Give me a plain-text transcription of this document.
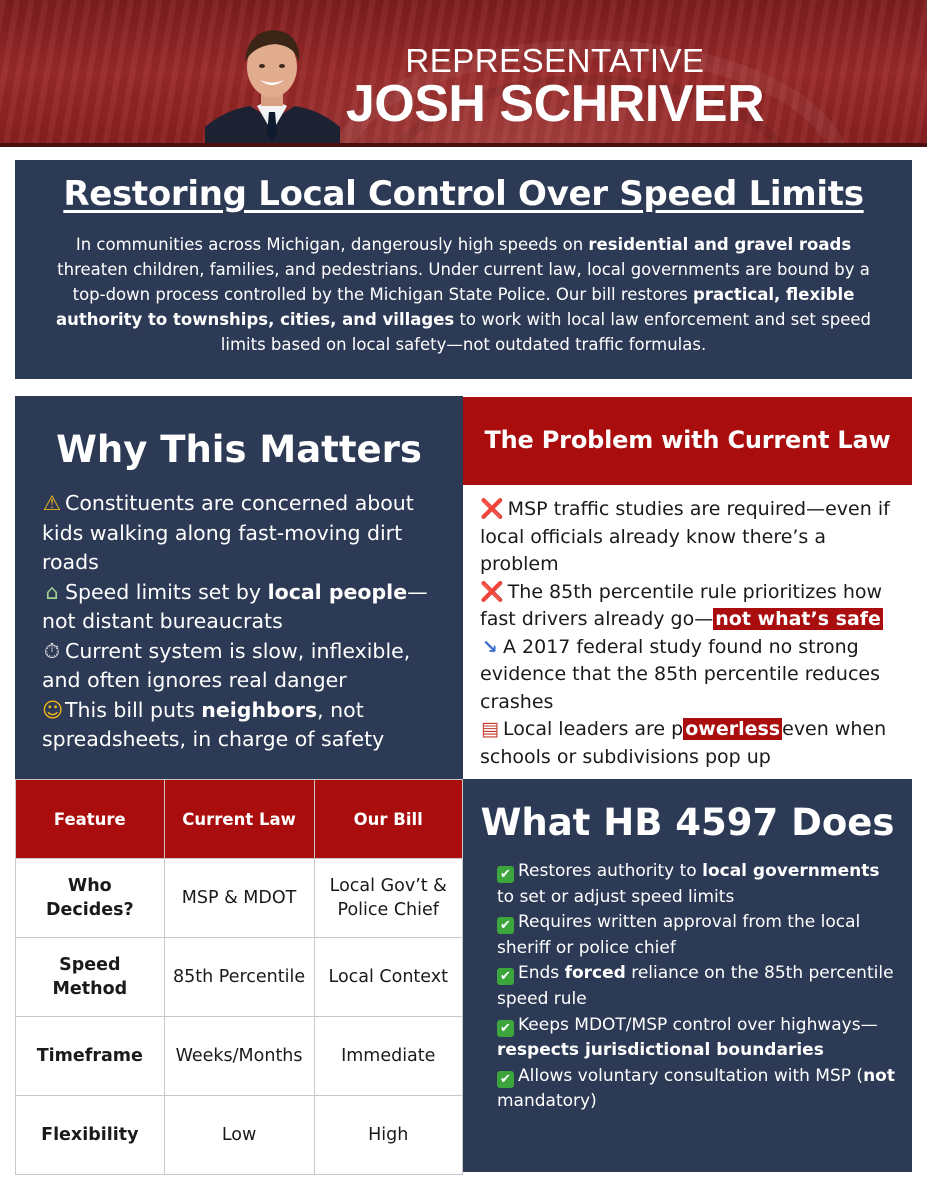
REPRESENTATIVE
JOSH SCHRIVER
Restoring Local Control Over Speed Limits
In communities across Michigan, dangerously high speeds on residential and gravel roads threaten children, families, and pedestrians. Under current law, local governments are bound by a top-down process controlled by the Michigan State Police. Our bill restores practical, flexible authority to townships, cities, and villages to work with local law enforcement and set speed limits based on local safety—not outdated traffic formulas.
Why This Matters
⚠ Constituents are concerned about kids walking along fast-moving dirt roads
⌂ Speed limits set by local people—not distant bureaucrats
⏱ Current system is slow, inflexible, and often ignores real danger
☺This bill puts neighbors, not spreadsheets, in charge of safety
The Problem with Current Law
❌ MSP traffic studies are required—even if local officials already know there’s a problem
❌ The 85th percentile rule prioritizes how fast drivers already go— not what’s safe
↘ A 2017 federal study found no strong evidence that the 85th percentile reduces crashes
▤ Local leaders are p owerless even when schools or subdivisions pop up
Feature	Current Law	Our Bill
Who Decides?	MSP & MDOT	Local Gov’t & Police Chief
Speed Method	85th Percentile	Local Context
Timeframe	Weeks/Months	Immediate
Flexibility	Low	High
What HB 4597 Does
✔ Restores authority to local governments to set or adjust speed limits
✔ Requires written approval from the local sheriff or police chief
✔ Ends forced reliance on the 85th percentile speed rule
✔ Keeps MDOT/MSP control over highways—respects jurisdictional boundaries
✔ Allows voluntary consultation with MSP (not mandatory)
